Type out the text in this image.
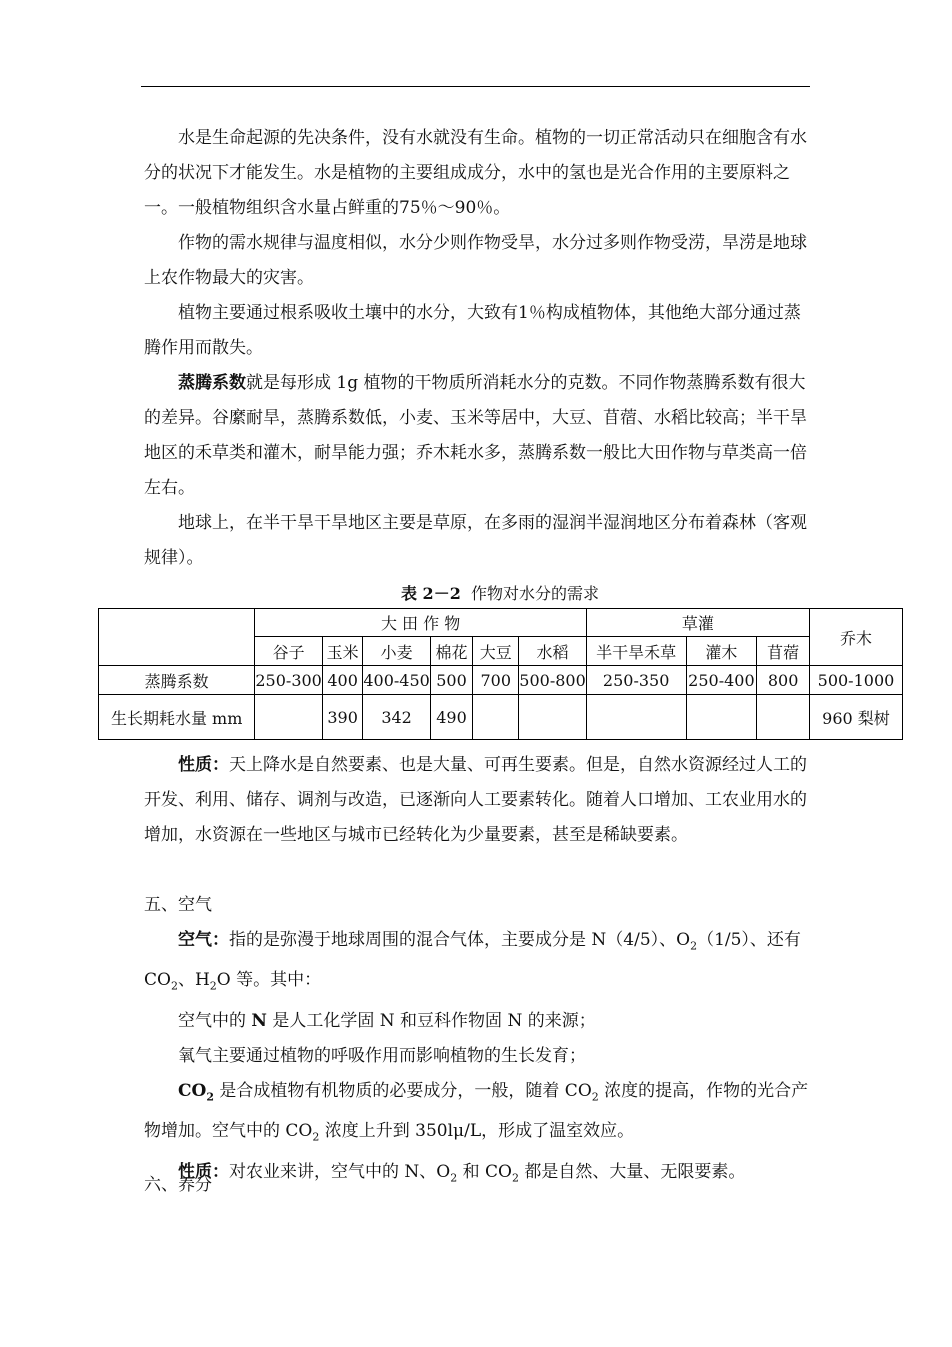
水是生命起源的先决条件，没有水就没有生命。植物的一切正常活动只在细胞含有水分的状况下才能发生。水是植物的主要组成成分，水中的氢也是光合作用的主要原料之一。一般植物组织含水量占鲜重的75％～90％。

作物的需水规律与温度相似，水分少则作物受旱，水分过多则作物受涝，旱涝是地球上农作物最大的灾害。

植物主要通过根系吸收土壤中的水分，大致有1％构成植物体，其他绝大部分通过蒸腾作用而散失。

蒸腾系数就是每形成 1g 植物的干物质所消耗水分的克数。不同作物蒸腾系数有很大的差异。谷縻耐旱，蒸腾系数低，小麦、玉米等居中，大豆、苜蓿、水稻比较高；半干旱地区的禾草类和灌木，耐旱能力强；乔木耗水多，蒸腾系数一般比大田作物与草类高一倍左右。

地球上，在半干旱干旱地区主要是草原，在多雨的湿润半湿润地区分布着森林（客观规律）。

表 2－2 作物对水分的需求
	大 田 作 物						草灌			乔木
	谷子	玉米	小麦	棉花	大豆	水稻	半干旱禾草	灌木	苜蓿	
蒸腾系数	250-300	400	400-450	500	700	500-800	250-350	250-400	800	500-1000
生长期耗水量 mm		390	342	490						960 梨树

性质：天上降水是自然要素、也是大量、可再生要素。但是，自然水资源经过人工的开发、利用、储存、调剂与改造，已逐渐向人工要素转化。随着人口增加、工农业用水的增加，水资源在一些地区与城市已经转化为少量要素，甚至是稀缺要素。

五、空气

空气：指的是弥漫于地球周围的混合气体，主要成分是 N（4/5）、$O_2(1/5)$、还有 $CO_2$、$H_2O$ 等。其中：

空气中的 N 是人工化学固 N 和豆科作物固 N 的来源；

氧气主要通过植物的呼吸作用而影响植物的生长发育；

$CO_2$ 是合成植物有机物质的必要成分，一般，随着 $CO_2$ 浓度的提高，作物的光合产物增加。空气中的 $CO_2$ 浓度上升到 350lμ/L，形成了温室效应。

性质：对农业来讲，空气中的 N、$O_2$ 和 $CO_2$ 都是自然、大量、无限要素。

六、养分
